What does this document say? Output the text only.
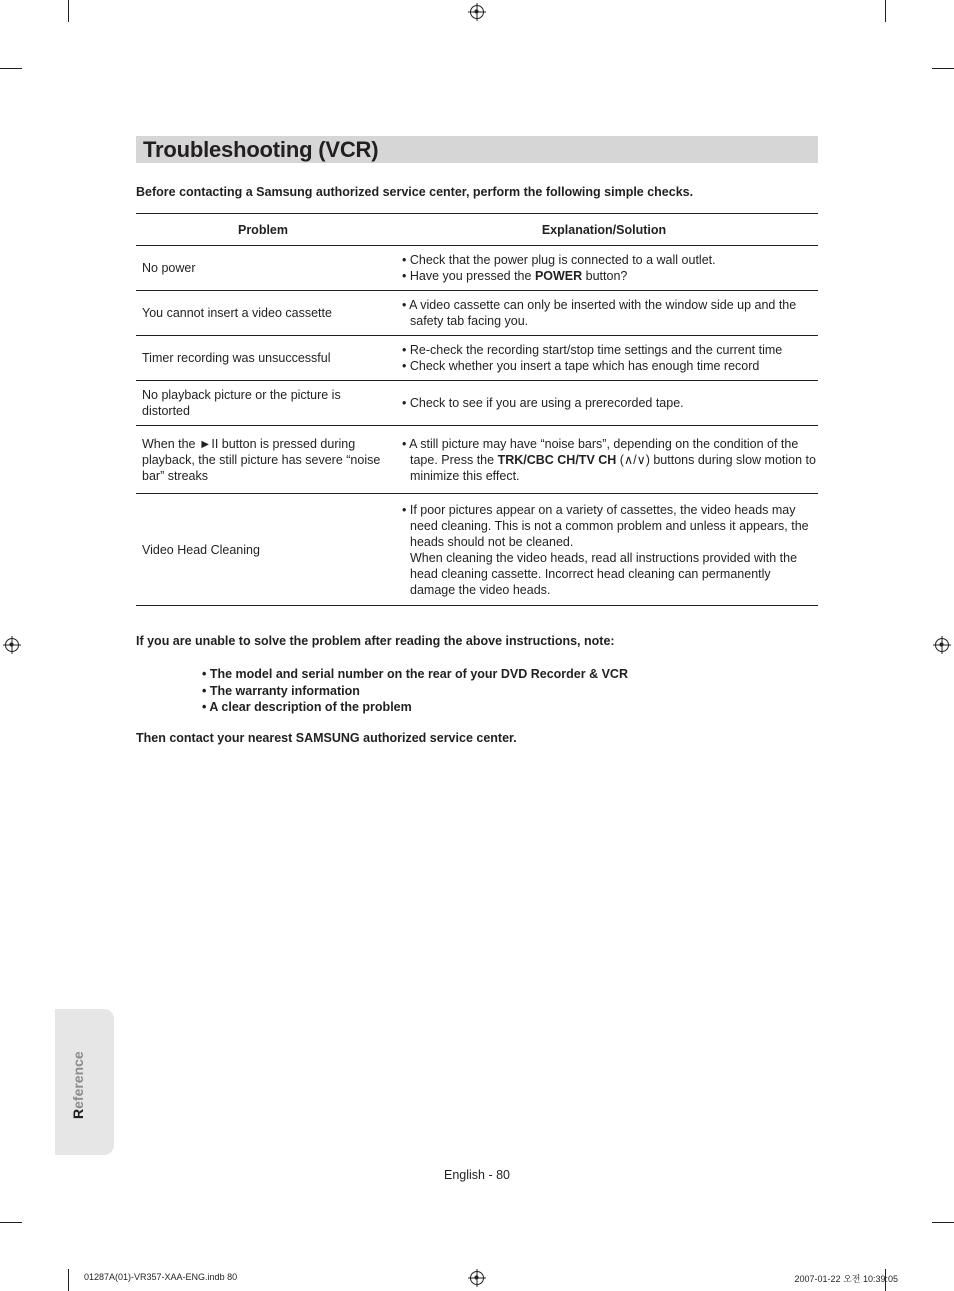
Troubleshooting (VCR)
Before contacting a Samsung authorized service center, perform the following simple checks.
Problem	Explanation/Solution
No power	• Check that the power plug is connected to a wall outlet.
• Have you pressed the POWER button?

You cannot insert a video cassette	• A video cassette can only be inserted with the window side up and the safety tab facing you.

Timer recording was unsuccessful	• Re-check the recording start/stop time settings and the current time
• Check whether you insert a tape which has enough time record

No playback picture or the picture is distorted	• Check to see if you are using a prerecorded tape.

When the ►II button is pressed during playback, the still picture has severe “noise bar” streaks	• A still picture may have “noise bars”, depending on the condition of the tape. Press the TRK/CBC CH/TV CH (∧/∨) buttons during slow motion to minimize this effect.

Video Head Cleaning	• If poor pictures appear on a variety of cassettes, the video heads may need cleaning. This is not a common problem and unless it appears, the heads should not be cleaned.
When cleaning the video heads, read all instructions provided with the head cleaning cassette. Incorrect head cleaning can permanently damage the video heads.
If you are unable to solve the problem after reading the above instructions, note:
• The model and serial number on the rear of your DVD Recorder & VCR
• The warranty information
• A clear description of the problem
Then contact your nearest SAMSUNG authorized service center.
Reference
English - 80
01287A(01)-VR357-XAA-ENG.indb 80	2007-01-22 오전 10:39:05
